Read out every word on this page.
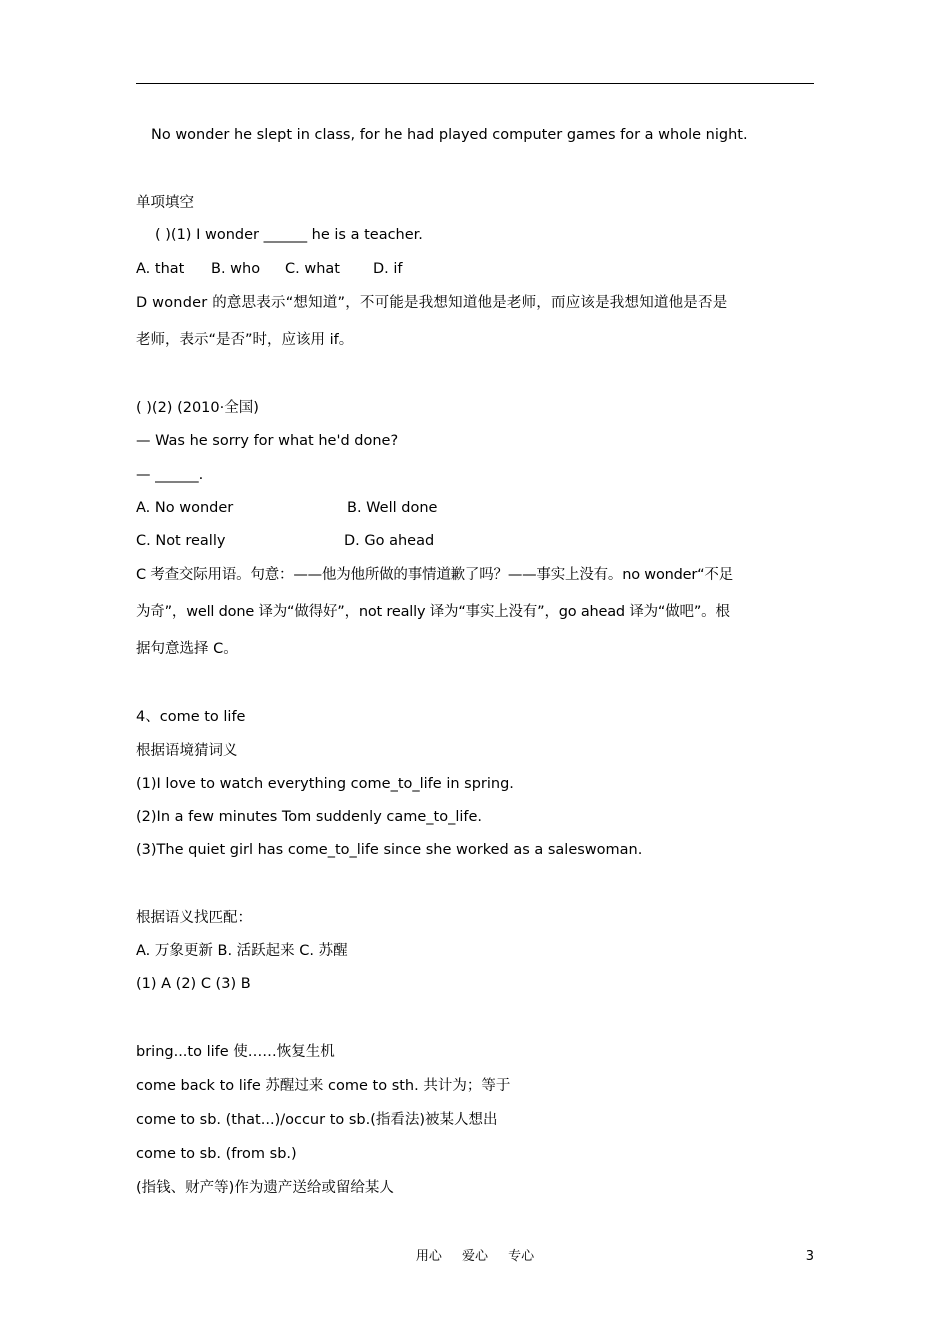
No wonder he slept in class, for he had played computer games for a whole night.
单项填空
( )(1) I wonder ______ he is a teacher.
A. that B. who C. what D. if
D wonder 的意思表示“想知道”，不可能是我想知道他是老师，而应该是我想知道他是否是
老师，表示“是否”时，应该用 if。
( )(2) (2010·全国)
— Was he sorry for what he'd done?
— ______.
A. No wonder	B. Well done
C. Not really	D. Go ahead
C 考查交际用语。句意：——他为他所做的事情道歉了吗？——事实上没有。no wonder“不足
为奇”，well done 译为“做得好”，not really 译为“事实上没有”，go ahead 译为“做吧”。根
据句意选择 C。
4、come to life
根据语境猜词义
(1)I love to watch everything come_to_life in spring.
(2)In a few minutes Tom suddenly came_to_life.
(3)The quiet girl has come_to_life since she worked as a saleswoman.
根据语义找匹配：
A. 万象更新 B. 活跃起来 C. 苏醒
(1) A (2) C (3) B
bring...to life 使……恢复生机
come back to life 苏醒过来 come to sth. 共计为；等于
come to sb. (that...)/occur to sb.(指看法)被某人想出
come to sb. (from sb.)
(指钱、财产等)作为遗产送给或留给某人
用心 爱心 专心	3
